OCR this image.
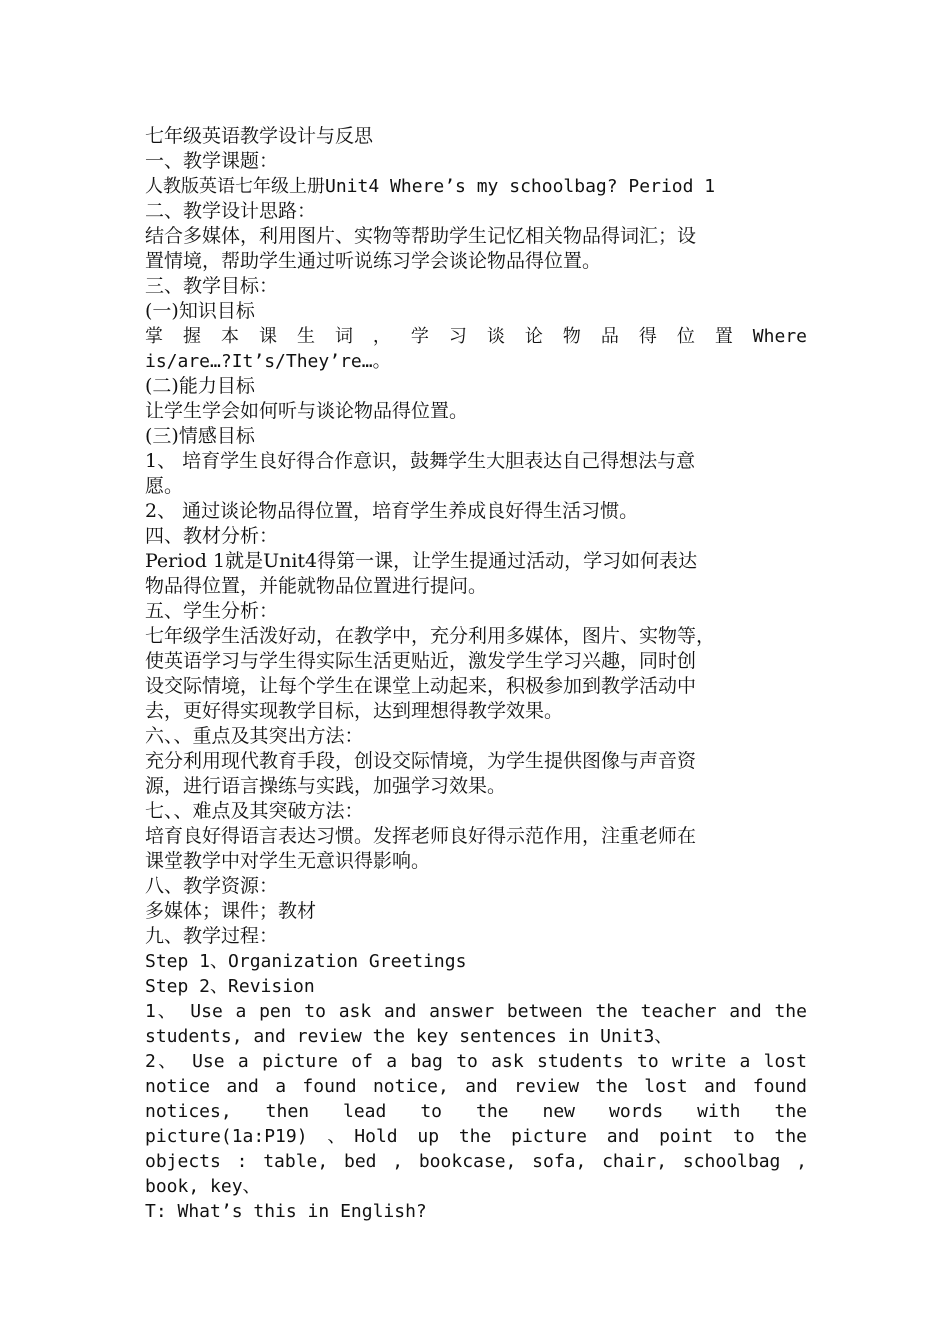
七年级英语教学设计与反思
一、教学课题：
人教版英语七年级上册Unit4 Where’s my schoolbag? Period 1
二、教学设计思路：
结合多媒体，利用图片、实物等帮助学生记忆相关物品得词汇；设
置情境，帮助学生通过听说练习学会谈论物品得位置。
三、教学目标：
(一)知识目标
掌 握 本 课 生 词 ， 学 习 谈 论 物 品 得 位 置 Where
is/are…?It’s/They’re…。
(二)能力目标
让学生学会如何听与谈论物品得位置。
(三)情感目标
1、 培育学生良好得合作意识，鼓舞学生大胆表达自己得想法与意
愿。
2、 通过谈论物品得位置，培育学生养成良好得生活习惯。
四、教材分析：
Period 1就是Unit4得第一课，让学生提通过活动，学习如何表达
物品得位置，并能就物品位置进行提问。
五、学生分析：
七年级学生活泼好动，在教学中，充分利用多媒体，图片、实物等，
使英语学习与学生得实际生活更贴近，激发学生学习兴趣，同时创
设交际情境，让每个学生在课堂上动起来，积极参加到教学活动中
去，更好得实现教学目标，达到理想得教学效果。
六、、重点及其突出方法：
充分利用现代教育手段，创设交际情境，为学生提供图像与声音资
源，进行语言操练与实践，加强学习效果。
七、、难点及其突破方法：
培育良好得语言表达习惯。发挥老师良好得示范作用，注重老师在
课堂教学中对学生无意识得影响。
八、教学资源：
多媒体；课件；教材
九、教学过程：
Step 1、Organization Greetings
Step 2、Revision
1、 Use a pen to ask and answer between the teacher and the
students, and review the key sentences in Unit3、
2、 Use a picture of a bag to ask students to write a lost
notice and a found notice, and review the lost and found
notices, then lead to the new words with the
picture(1a:P19) 、Hold up the picture and point to the
objects : table, bed , bookcase, sofa, chair, schoolbag ,
book, key、
T: What’s this in English?
